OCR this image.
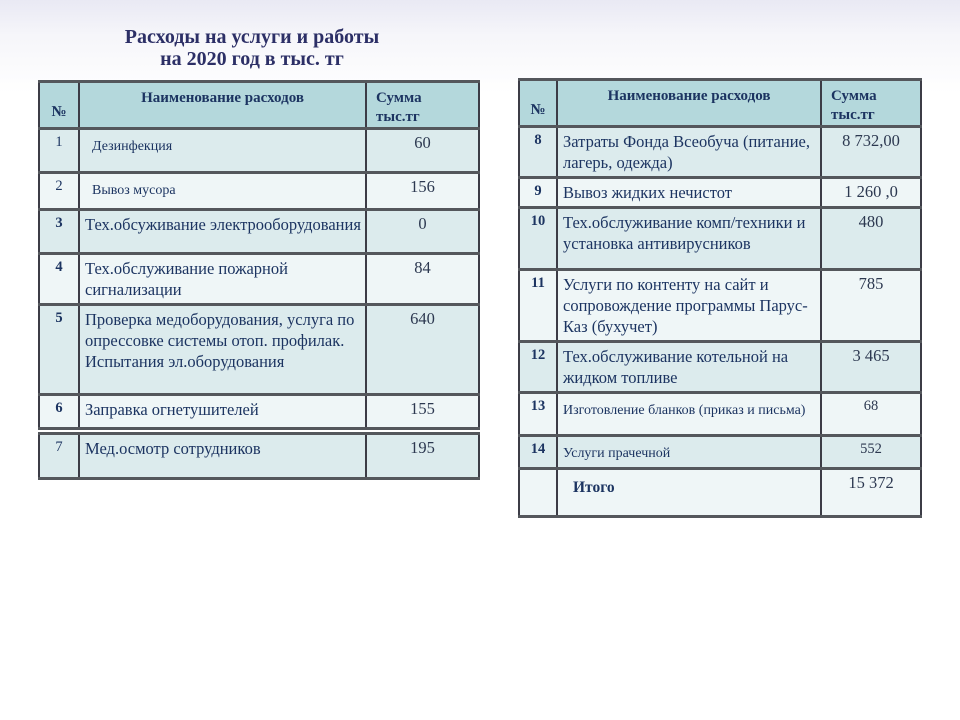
Расходы на услуги и работы
на 2020 год в тыс. тг
№	Наименование расходов	Сумма
тыс.тг

1	Дезинфекция	60
2	Вывоз мусора	156
3	Тех.обсуживание электрооборудования	0
4	Тех.обслуживание пожарной сигнализации	84
5	Проверка медоборудования, услуга по опрессовке системы отоп. профилак. Испытания эл.оборудования	640
6	Заправка огнетушителей	155
7	Мед.осмотр сотрудников	195
№	Наименование расходов	Сумма
тыс.тг

8	Затраты Фонда Всеобуча (питание, лагерь, одежда)	8 732,00
9	Вывоз жидких нечистот	1 260 ,0
10	Тех.обслуживание комп/техники и установка антивирусников	480
11	Услуги по контенту на сайт и сопровождение программы Парус-Каз (бухучет)	785
12	Тех.обслуживание котельной на жидком топливе	3 465
13	Изготовление бланков (приказ и письма)	68
14	Услуги прачечной	552
	Итого	15 372
